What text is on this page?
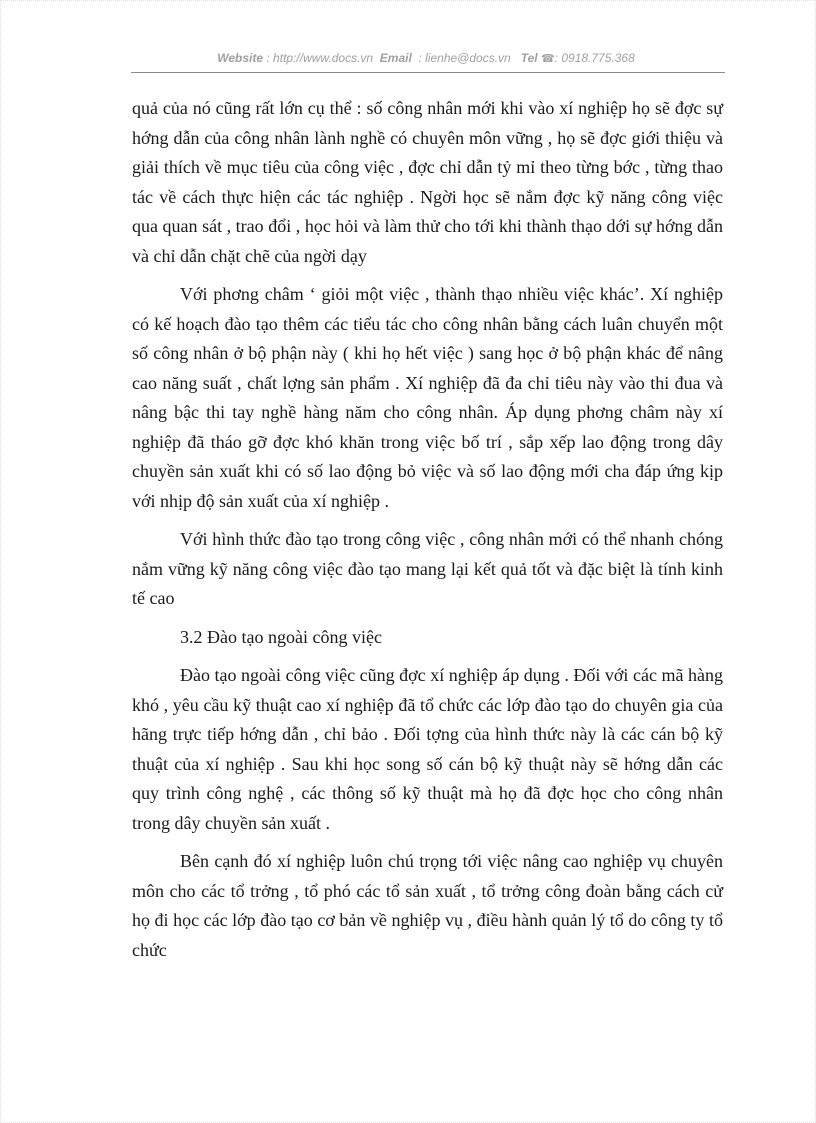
Website : http://www.docs.vn Email : lienhe@docs.vn Tel ☎: 0918.775.368

quả của nó cũng rất lớn cụ thể : số công nhân mới khi vào xí nghiệp họ sẽ đợc sự hớng dẫn của công nhân lành nghề có chuyên môn vững , họ sẽ đợc giới thiệu và giải thích về mục tiêu của công việc , đợc chỉ dẫn tỷ mỉ theo từng bớc , từng thao tác về cách thực hiện các tác nghiệp . Ngời học sẽ nắm đợc kỹ năng công việc qua quan sát , trao đổi , học hỏi và làm thử cho tới khi thành thạo dới sự hớng dẫn và chỉ dẫn chặt chẽ của ngời dạy

Với phơng châm ‘ giỏi một việc , thành thạo nhiều việc khác’. Xí nghiệp có kế hoạch đào tạo thêm các tiểu tác cho công nhân bằng cách luân chuyển một số công nhân ở bộ phận này ( khi họ hết việc ) sang học ở bộ phận khác để nâng cao năng suất , chất lợng sản phẩm . Xí nghiệp đã đa chỉ tiêu này vào thi đua và nâng bậc thi tay nghề hàng năm cho công nhân. Áp dụng phơng châm này xí nghiệp đã tháo gỡ đợc khó khăn trong việc bố trí , sắp xếp lao động trong dây chuyền sản xuất khi có số lao động bỏ việc và số lao động mới cha đáp ứng kịp với nhịp độ sản xuất của xí nghiệp .

Với hình thức đào tạo trong công việc , công nhân mới có thể nhanh chóng nắm vững kỹ năng công việc đào tạo mang lại kết quả tốt và đặc biệt là tính kinh tế cao

3.2 Đào tạo ngoài công việc

Đào tạo ngoài công việc cũng đợc xí nghiệp áp dụng . Đối với các mã hàng khó , yêu cầu kỹ thuật cao xí nghiệp đã tổ chức các lớp đào tạo do chuyên gia của hãng trực tiếp hớng dẫn , chỉ bảo . Đối tợng của hình thức này là các cán bộ kỹ thuật của xí nghiệp . Sau khi học song số cán bộ kỹ thuật này sẽ hớng dẫn các quy trình công nghệ , các thông số kỹ thuật mà họ đã đợc học cho công nhân trong dây chuyền sản xuất .

Bên cạnh đó xí nghiệp luôn chú trọng tới việc nâng cao nghiệp vụ chuyên môn cho các tổ trởng , tổ phó các tổ sản xuất , tổ trởng công đoàn bằng cách cử họ đi học các lớp đào tạo cơ bản về nghiệp vụ , điều hành quản lý tổ do công ty tổ chức
